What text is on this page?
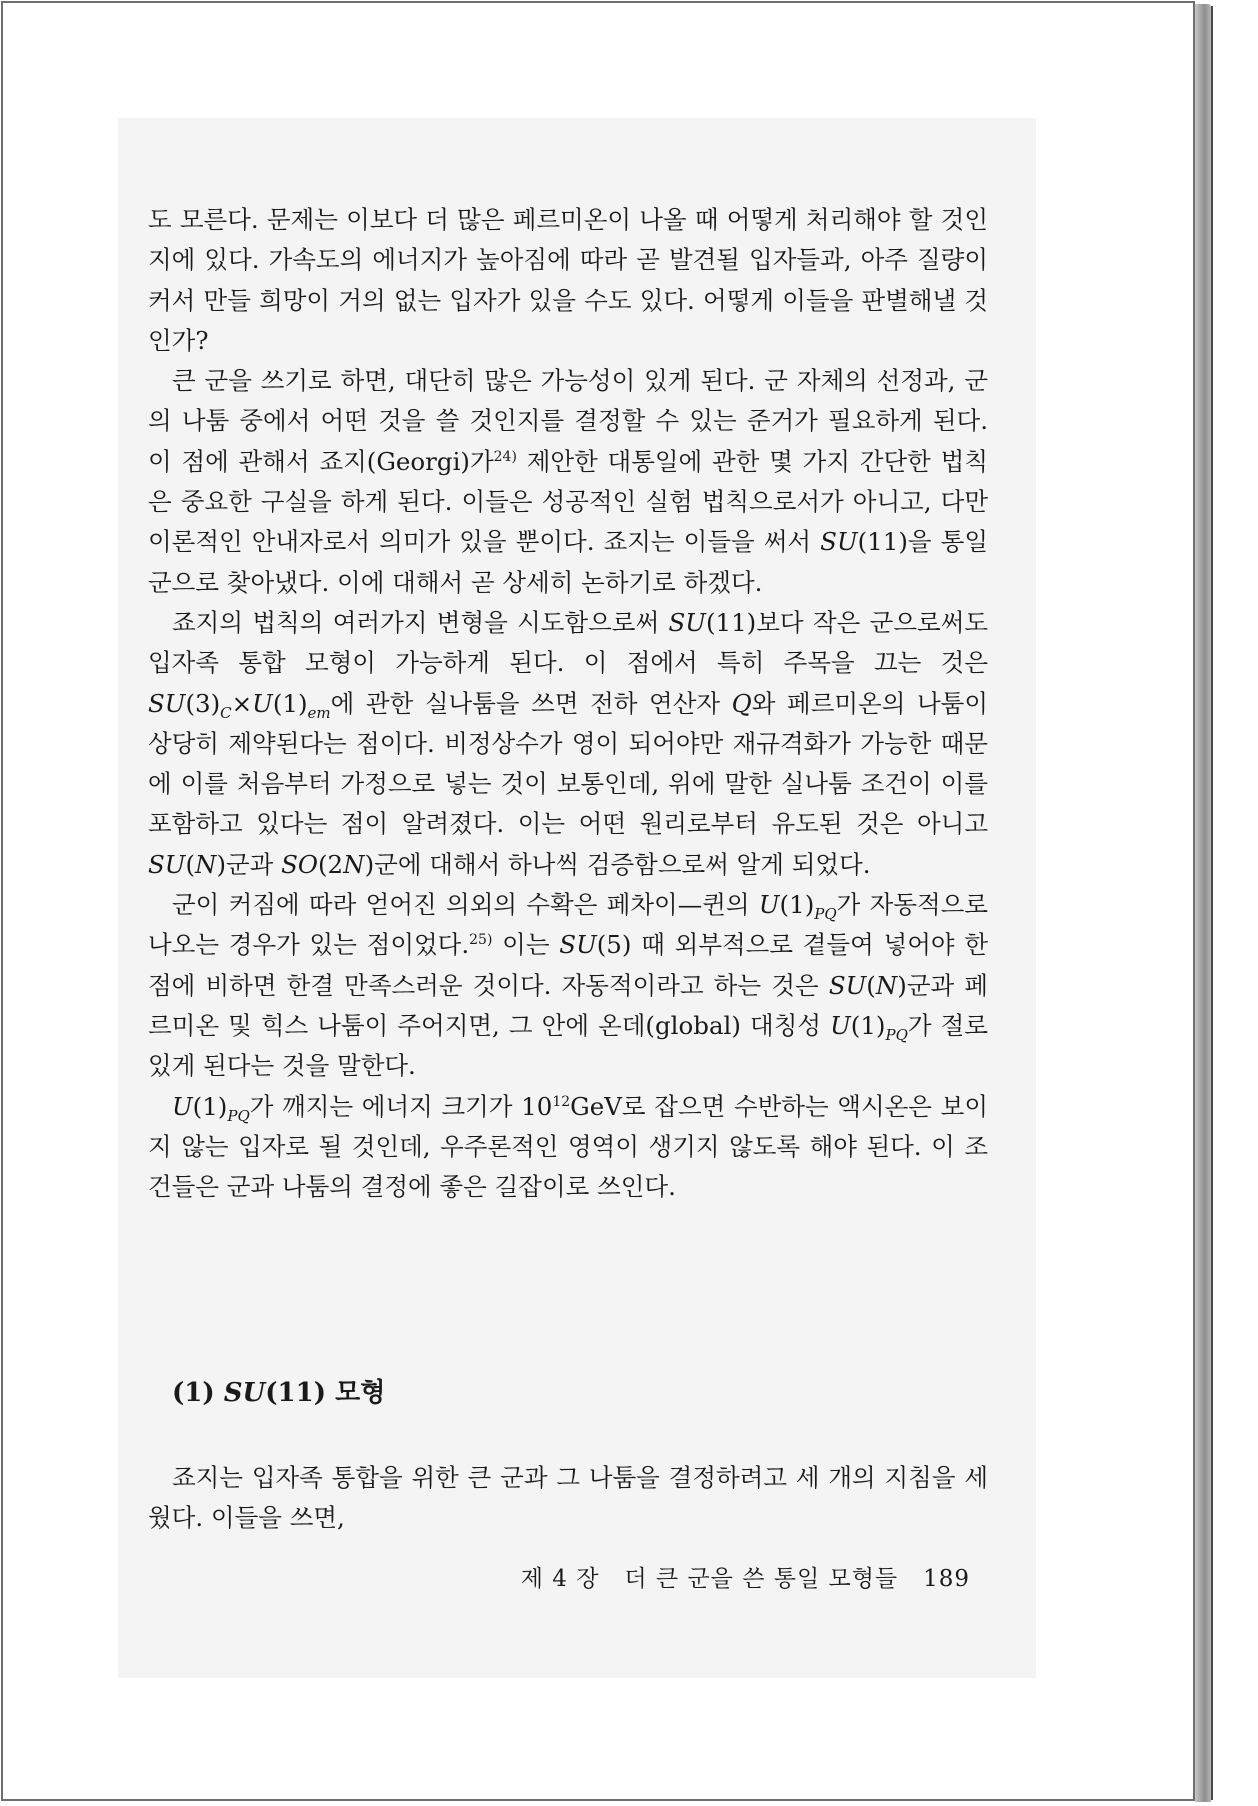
도 모른다. 문제는 이보다 더 많은 페르미온이 나올 때 어떻게 처리해야 할 것인지에 있다. 가속도의 에너지가 높아짐에 따라 곧 발견될 입자들과, 아주 질량이 커서 만들 희망이 거의 없는 입자가 있을 수도 있다. 어떻게 이들을 판별해낼 것인가?

큰 군을 쓰기로 하면, 대단히 많은 가능성이 있게 된다. 군 자체의 선정과, 군의 나툼 중에서 어떤 것을 쓸 것인지를 결정할 수 있는 준거가 필요하게 된다. 이 점에 관해서 죠지(Georgi)가$^{24)}$ 제안한 대통일에 관한 몇 가지 간단한 법칙은 중요한 구실을 하게 된다. 이들은 성공적인 실험 법칙으로서가 아니고, 다만 이론적인 안내자로서 의미가 있을 뿐이다. 죠지는 이들을 써서 SU(11)을 통일군으로 찾아냈다. 이에 대해서 곧 상세히 논하기로 하겠다.

죠지의 법칙의 여러가지 변형을 시도함으로써 SU(11)보다 작은 군으로써도 입자족 통합 모형이 가능하게 된다. 이 점에서 특히 주목을 끄는 것은 $SU(3)_C\times U(1)_{em}$에 관한 실나툼을 쓰면 전하 연산자 Q와 페르미온의 나툼이 상당히 제약된다는 점이다. 비정상수가 영이 되어야만 재규격화가 가능한 때문에 이를 처음부터 가정으로 넣는 것이 보통인데, 위에 말한 실나툼 조건이 이를 포함하고 있다는 점이 알려졌다. 이는 어떤 원리로부터 유도된 것은 아니고 SU(N)군과 SO(2N)군에 대해서 하나씩 검증함으로써 알게 되었다.

군이 커짐에 따라 얻어진 의외의 수확은 페차이—퀸의 $U(1)_{PQ}$가 자동적으로 나오는 경우가 있는 점이었다.$^{25)}$ 이는 SU(5) 때 외부적으로 곁들여 넣어야 한 점에 비하면 한결 만족스러운 것이다. 자동적이라고 하는 것은 SU(N)군과 페르미온 및 힉스 나툼이 주어지면, 그 안에 온데(global) 대칭성 $U(1)_{PQ}$가 절로 있게 된다는 것을 말한다.

$U(1)_{PQ}$가 깨지는 에너지 크기가 $10^{12}GeV$로 잡으면 수반하는 액시온은 보이지 않는 입자로 될 것인데, 우주론적인 영역이 생기지 않도록 해야 된다. 이 조건들은 군과 나툼의 결정에 좋은 길잡이로 쓰인다.

(1) SU(11) 모형

죠지는 입자족 통합을 위한 큰 군과 그 나툼을 결정하려고 세 개의 지침을 세웠다. 이들을 쓰면,

제 4 장 더 큰 군을 쓴 통일 모형들 189
